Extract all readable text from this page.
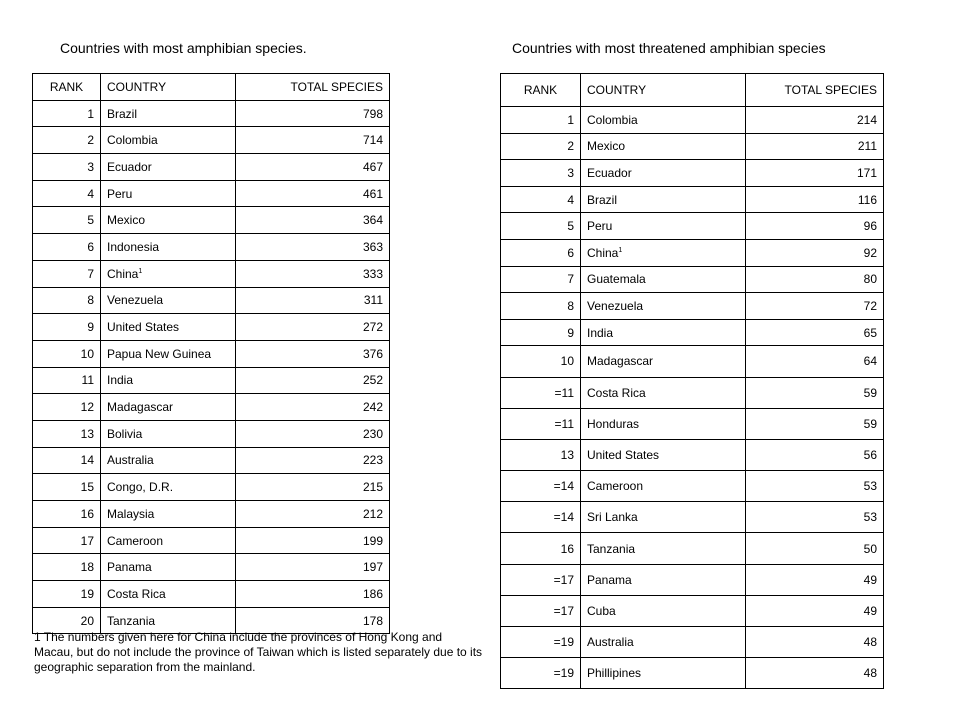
Countries with most amphibian species.	Countries with most threatened amphibian species
RANK	COUNTRY	TOTAL SPECIES
1	Brazil	798
2	Colombia	714
3	Ecuador	467
4	Peru	461
5	Mexico	364
6	Indonesia	363
7	China$^1$	333
8	Venezuela	311
9	United States	272
10	Papua New Guinea	376
11	India	252
12	Madagascar	242
13	Bolivia	230
14	Australia	223
15	Congo, D.R.	215
16	Malaysia	212
17	Cameroon	199
18	Panama	197
19	Costa Rica	186
20	Tanzania	178
RANK	COUNTRY	TOTAL SPECIES
1	Colombia	214
2	Mexico	211
3	Ecuador	171
4	Brazil	116
5	Peru	96
6	China$^1$	92
7	Guatemala	80
8	Venezuela	72
9	India	65
10	Madagascar	64
=11	Costa Rica	59
=11	Honduras	59
13	United States	56
=14	Cameroon	53
=14	Sri Lanka	53
16	Tanzania	50
=17	Panama	49
=17	Cuba	49
=19	Australia	48
=19	Phillipines	48
1 The numbers given here for China include the provinces of Hong Kong and Macau, but do not include the province of Taiwan which is listed separately due to its geographic separation from the mainland.
